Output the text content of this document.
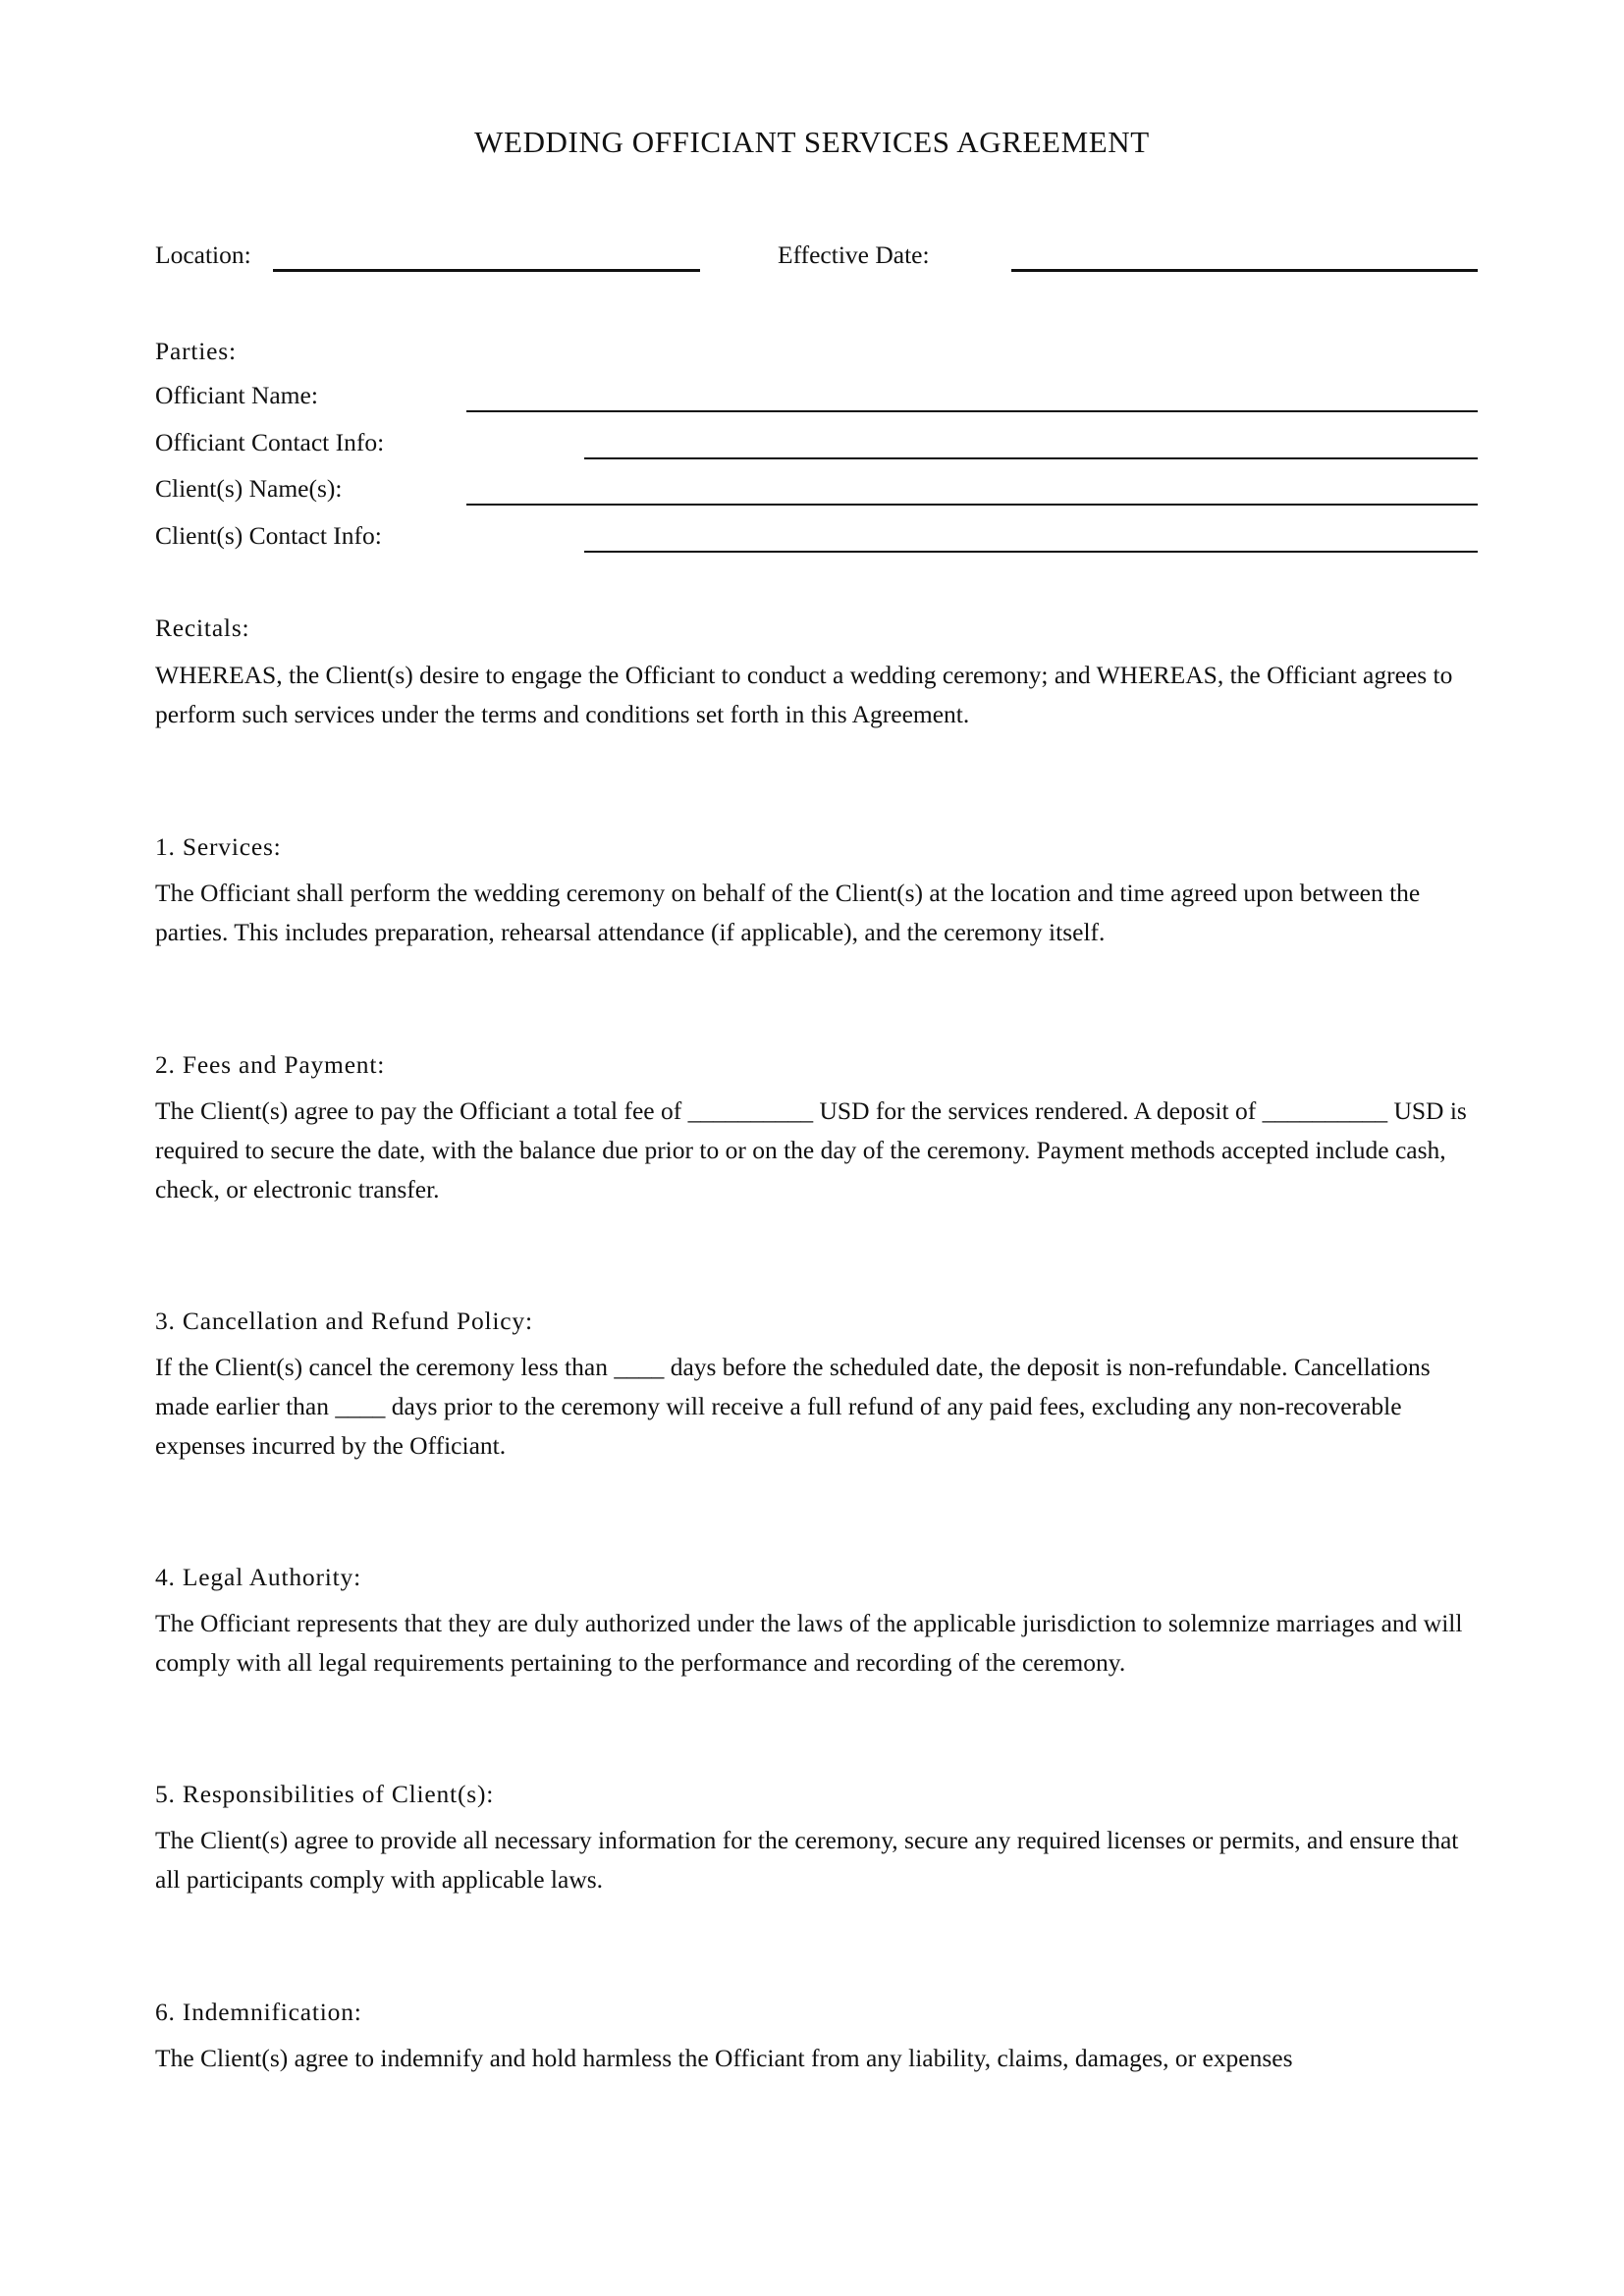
WEDDING OFFICIANT SERVICES AGREEMENT
Location:	Effective Date:
Parties:
Officiant Name:
Officiant Contact Info:
Client(s) Name(s):
Client(s) Contact Info:
Recitals:
WHEREAS, the Client(s) desire to engage the Officiant to conduct a wedding ceremony; and WHEREAS, the Officiant agrees to perform such services under the terms and conditions set forth in this Agreement.
1. Services:
The Officiant shall perform the wedding ceremony on behalf of the Client(s) at the location and time agreed upon between the parties. This includes preparation, rehearsal attendance (if applicable), and the ceremony itself.
2. Fees and Payment:
The Client(s) agree to pay the Officiant a total fee of __________ USD for the services rendered. A deposit of __________ USD is required to secure the date, with the balance due prior to or on the day of the ceremony. Payment methods accepted include cash, check, or electronic transfer.
3. Cancellation and Refund Policy:
If the Client(s) cancel the ceremony less than ____ days before the scheduled date, the deposit is non-refundable. Cancellations made earlier than ____ days prior to the ceremony will receive a full refund of any paid fees, excluding any non-recoverable expenses incurred by the Officiant.
4. Legal Authority:
The Officiant represents that they are duly authorized under the laws of the applicable jurisdiction to solemnize marriages and will comply with all legal requirements pertaining to the performance and recording of the ceremony.
5. Responsibilities of Client(s):
The Client(s) agree to provide all necessary information for the ceremony, secure any required licenses or permits, and ensure that all participants comply with applicable laws.
6. Indemnification:
The Client(s) agree to indemnify and hold harmless the Officiant from any liability, claims, damages, or expenses
